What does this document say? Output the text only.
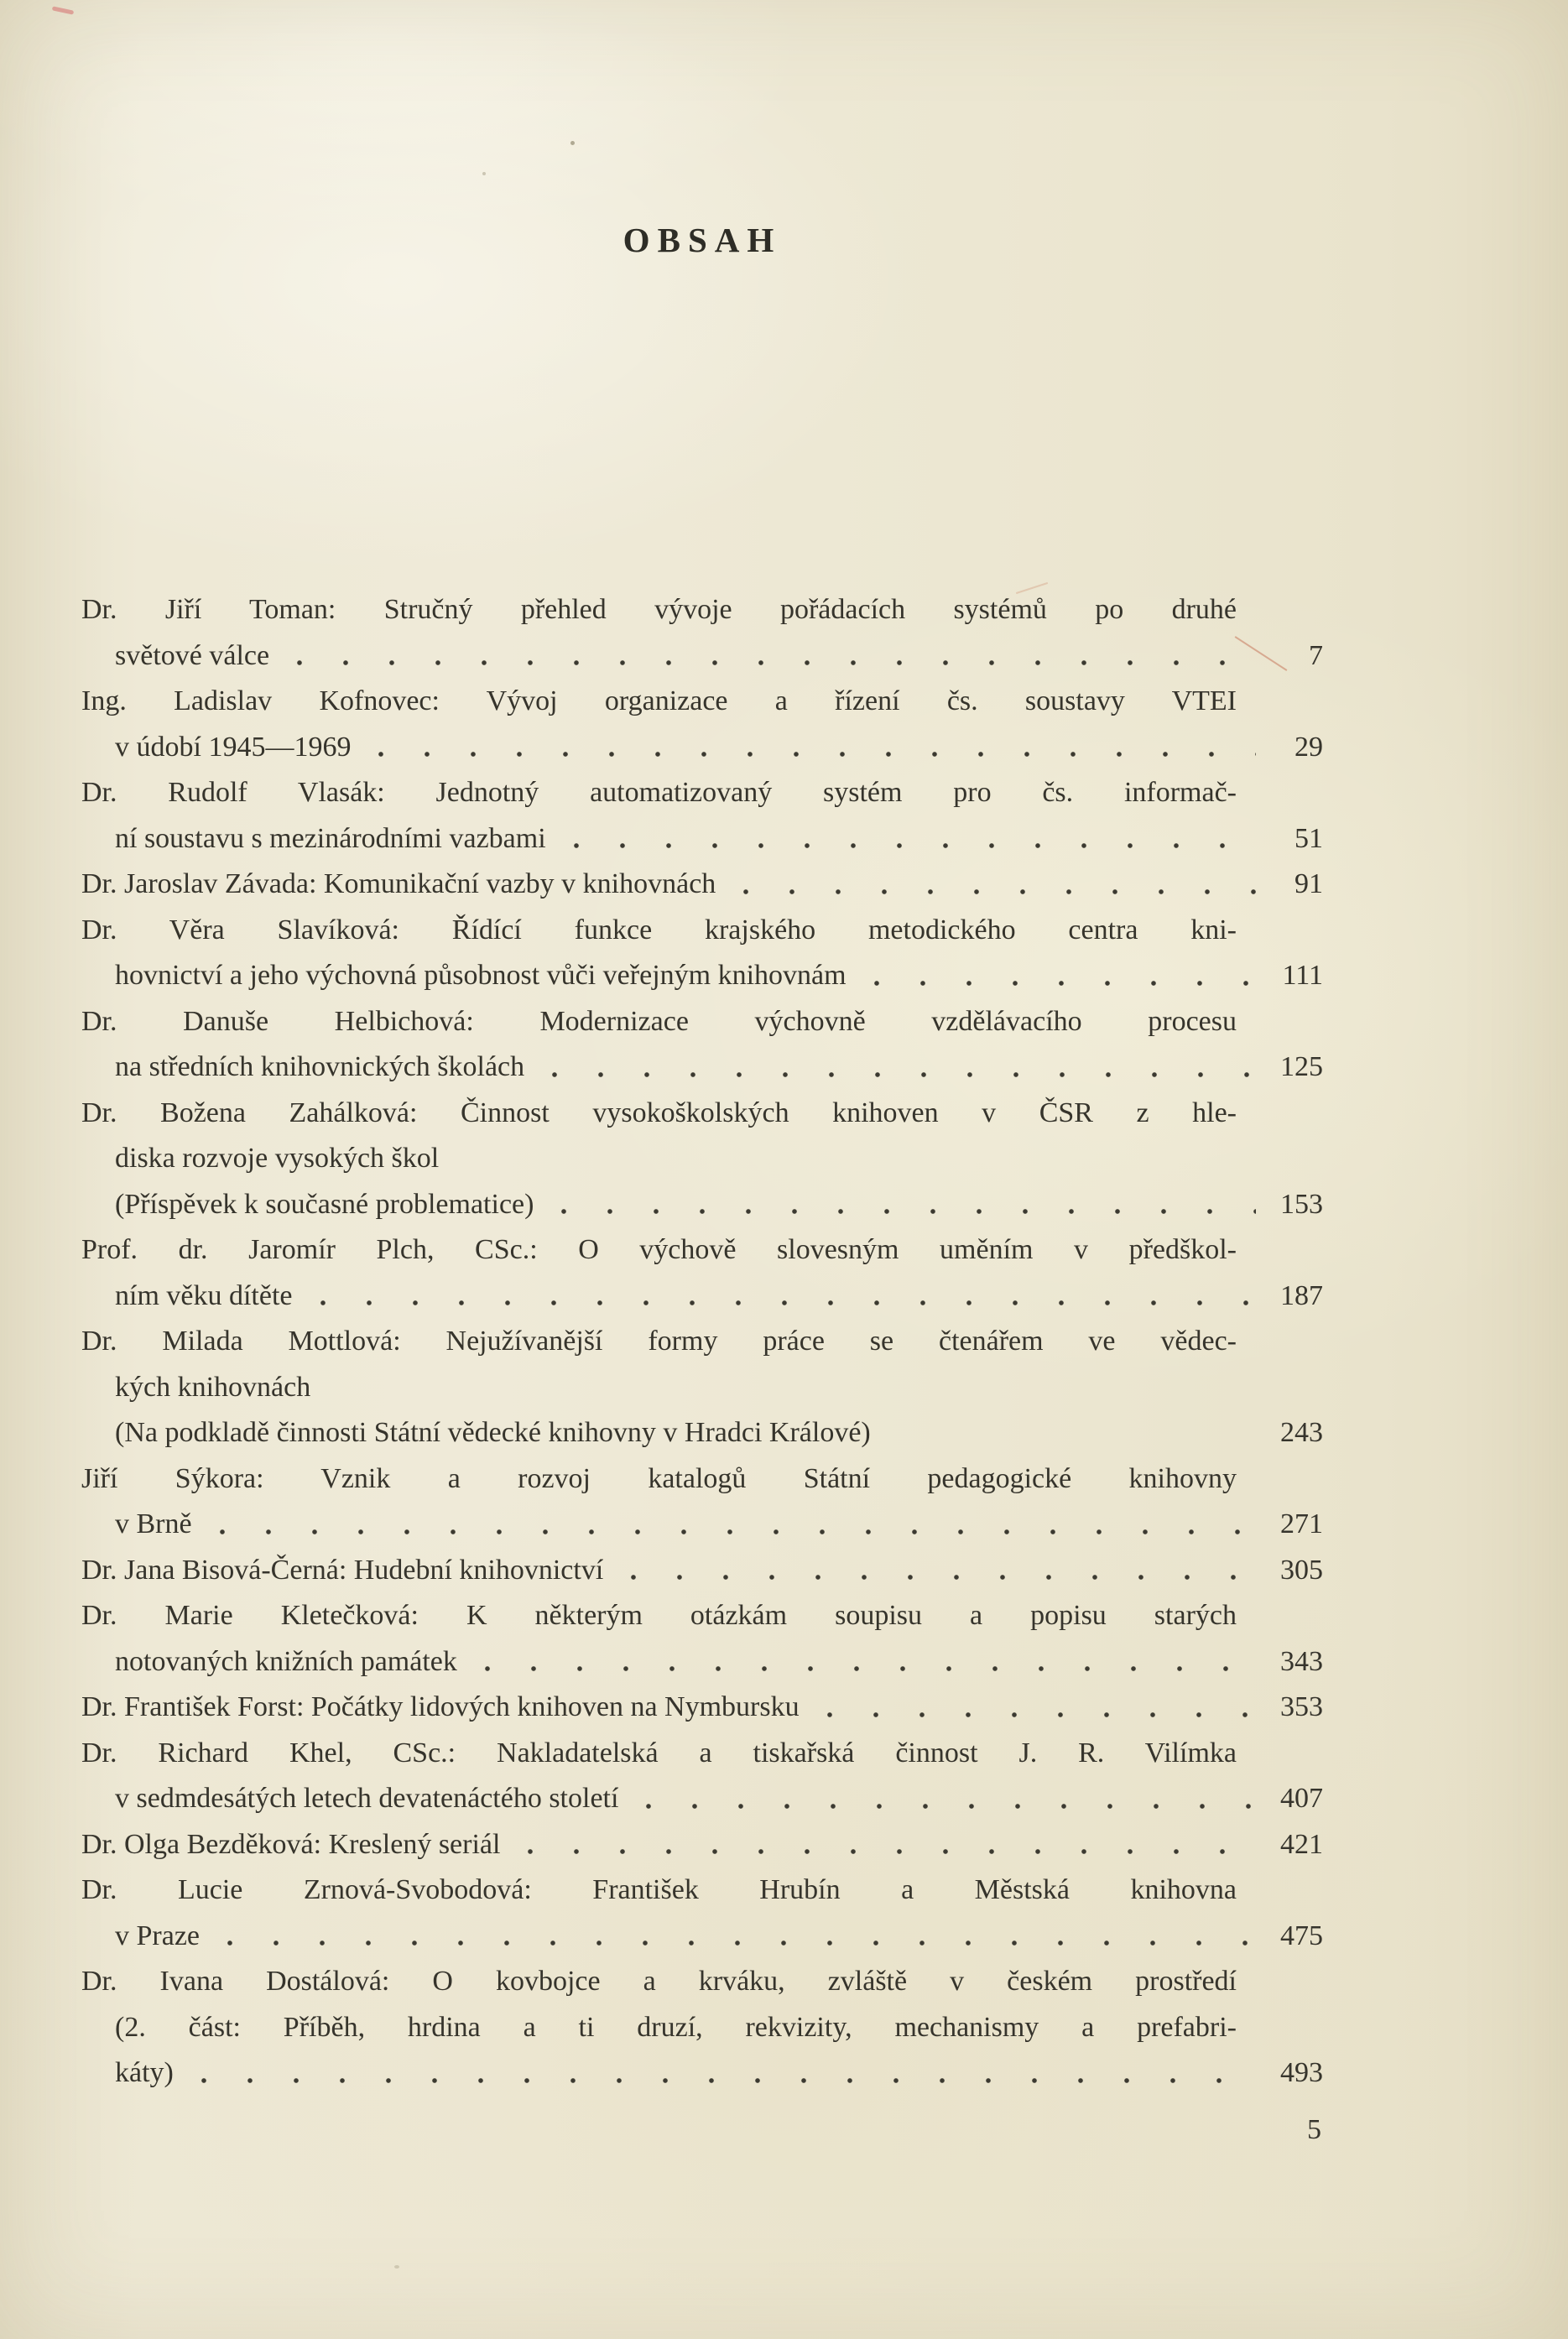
OBSAH
Dr. Jiří Toman: Stručný přehled vývoje pořádacích systémů po druhé
světové válce	7
Ing. Ladislav Kofnovec: Vývoj organizace a řízení čs. soustavy VTEI
v údobí 1945—1969	29
Dr. Rudolf Vlasák: Jednotný automatizovaný systém pro čs. informač-
ní soustavu s mezinárodními vazbami	51
Dr. Jaroslav Závada: Komunikační vazby v knihovnách	91
Dr. Věra Slavíková: Řídící funkce krajského metodického centra kni-
hovnictví a jeho výchovná působnost vůči veřejným knihovnám	111
Dr. Danuše Helbichová: Modernizace výchovně vzdělávacího procesu
na středních knihovnických školách	125
Dr. Božena Zahálková: Činnost vysokoškolských knihoven v ČSR z hle-
diska rozvoje vysokých škol
(Příspěvek k současné problematice)	153
Prof. dr. Jaromír Plch, CSc.: O výchově slovesným uměním v předškol-
ním věku dítěte	187
Dr. Milada Mottlová: Nejužívanější formy práce se čtenářem ve vědec-
kých knihovnách
(Na podkladě činnosti Státní vědecké knihovny v Hradci Králové)	243
Jiří Sýkora: Vznik a rozvoj katalogů Státní pedagogické knihovny
v Brně	271
Dr. Jana Bisová-Černá: Hudební knihovnictví	305
Dr. Marie Kletečková: K některým otázkám soupisu a popisu starých
notovaných knižních památek	343
Dr. František Forst: Počátky lidových knihoven na Nymbursku	353
Dr. Richard Khel, CSc.: Nakladatelská a tiskařská činnost J. R. Vilímka
v sedmdesátých letech devatenáctého století	407
Dr. Olga Bezděková: Kreslený seriál	421
Dr. Lucie Zrnová-Svobodová: František Hrubín a Městská knihovna
v Praze	475
Dr. Ivana Dostálová: O kovbojce a krváku, zvláště v českém prostředí
(2. část: Příběh, hrdina a ti druzí, rekvizity, mechanismy a prefabri-
káty)	493
5
